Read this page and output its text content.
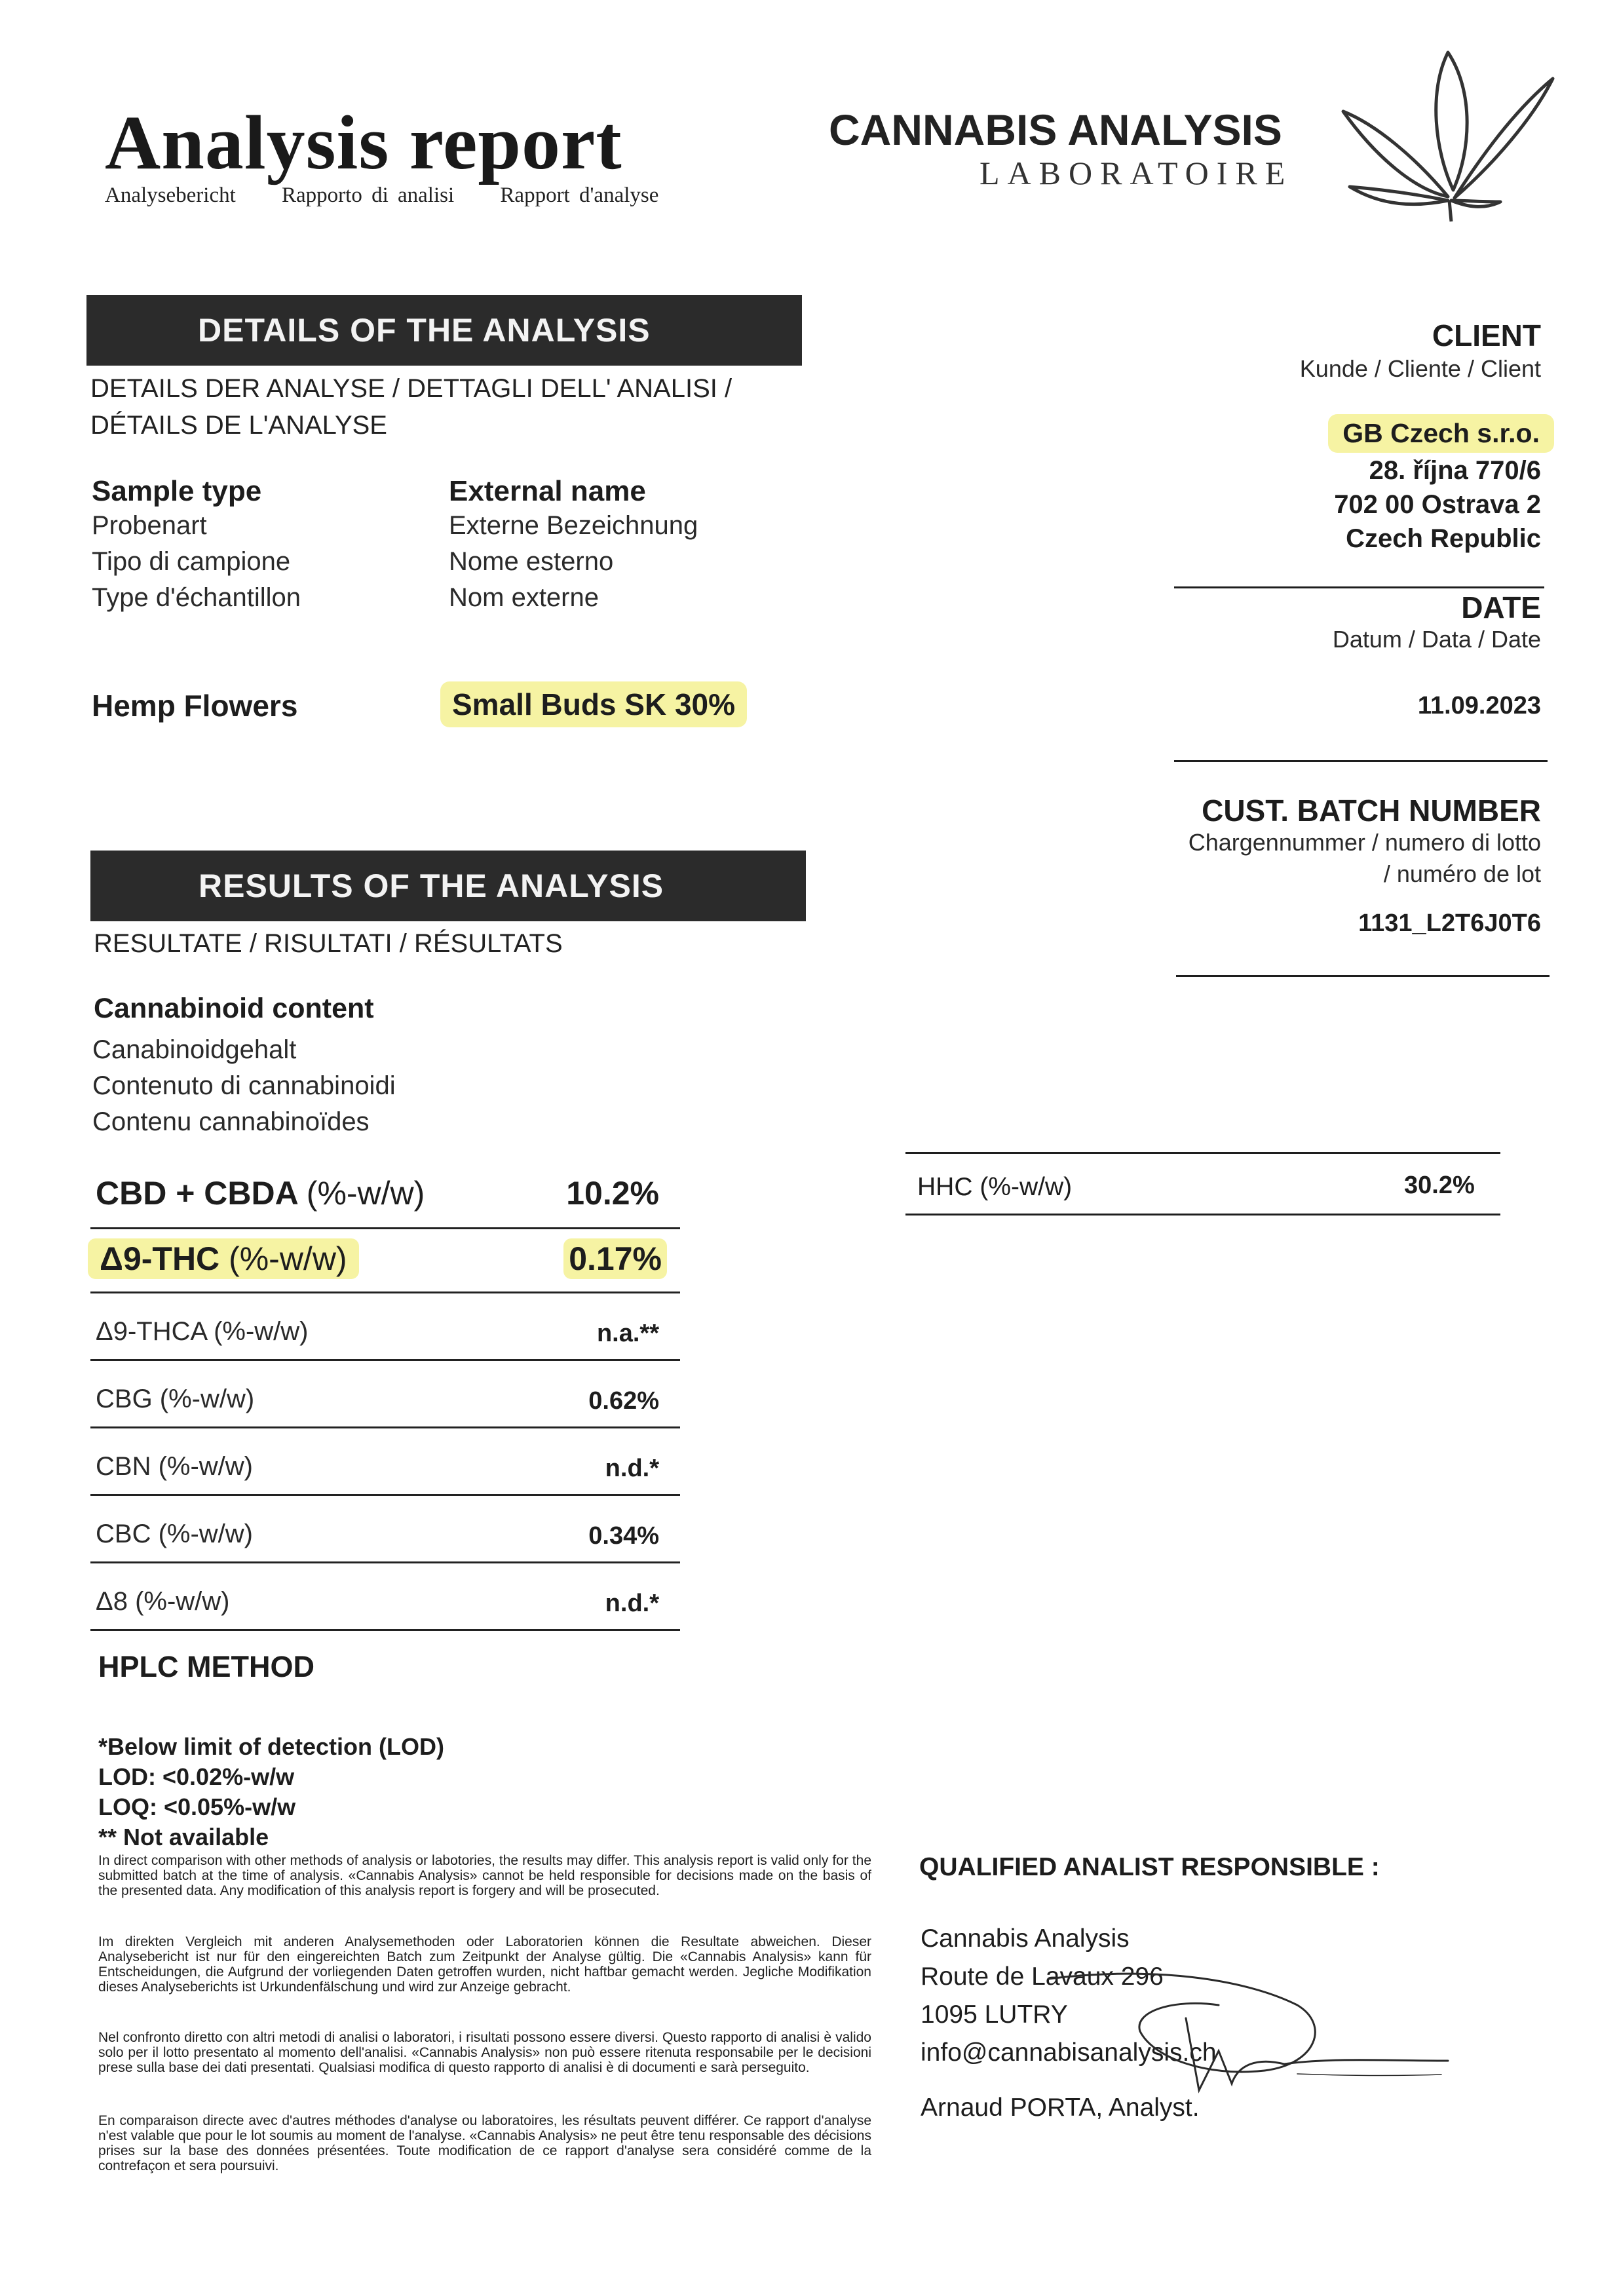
Analysis report
Analysebericht Rapporto di analisi Rapport d'analyse
CANNABIS ANALYSIS
LABORATOIRE
DETAILS OF THE ANALYSIS
DETAILS DER ANALYSE / DETTAGLI DELL' ANALISI /
DÉTAILS DE L'ANALYSE
Sample type
Probenart
Tipo di campione
Type d'échantillon
External name
Externe Bezeichnung
Nome esterno
Nom externe
Hemp Flowers	Small Buds SK 30%
CLIENT
Kunde / Cliente / Client
GB Czech s.r.o.
28. října 770/6
702 00 Ostrava 2
Czech Republic
DATE
Datum / Data / Date
11.09.2023
CUST. BATCH NUMBER
Chargennummer / numero di lotto
/ numéro de lot
1131_L2T6J0T6
RESULTS OF THE ANALYSIS
RESULTATE / RISULTATI / RÉSULTATS
Cannabinoid content
Canabinoidgehalt
Contenuto di cannabinoidi
Contenu cannabinoïdes
CBD + CBDA (%-w/w)	10.2%
Δ9-THC (%-w/w)	0.17%
Δ9-THCA (%-w/w)	n.a.**
CBG (%-w/w)	0.62%
CBN (%-w/w)	n.d.*
CBC (%-w/w)	0.34%
Δ8 (%-w/w)	n.d.*
HHC (%-w/w)	30.2%
HPLC METHOD
*Below limit of detection (LOD)
LOD: <0.02%-w/w
LOQ: <0.05%-w/w
** Not available
In direct comparison with other methods of analysis or labotories, the results may differ. This analysis report is valid only for the submitted batch at the time of analysis. «Cannabis Analysis» cannot be held responsible for decisions made on the basis of the presented data. Any modification of this analysis report is forgery and will be prosecuted.
Im direkten Vergleich mit anderen Analysemethoden oder Laboratorien können die Resultate abweichen. Dieser Analysebericht ist nur für den eingereichten Batch zum Zeitpunkt der Analyse gültig. Die «Cannabis Analysis» kann für Entscheidungen, die Aufgrund der vorliegenden Daten getroffen wurden, nicht haftbar gemacht werden. Jegliche Modifikation dieses Analyseberichts ist Urkundenfälschung und wird zur Anzeige gebracht.
Nel confronto diretto con altri metodi di analisi o laboratori, i risultati possono essere diversi. Questo rapporto di analisi è valido solo per il lotto presentato al momento dell'analisi. «Cannabis Analysis» non può essere ritenuta responsabile per le decisioni prese sulla base dei dati presentati. Qualsiasi modifica di questo rapporto di analisi è di documenti e sarà perseguito.
En comparaison directe avec d'autres méthodes d'analyse ou laboratoires, les résultats peuvent différer. Ce rapport d'analyse n'est valable que pour le lot soumis au moment de l'analyse. «Cannabis Analysis» ne peut être tenu responsable des décisions prises sur la base des données présentées. Toute modification de ce rapport d'analyse sera considéré comme de la contrefaçon et sera poursuivi.
QUALIFIED ANALIST RESPONSIBLE :
Cannabis Analysis
Route de Lavaux 296
1095 LUTRY
info@cannabisanalysis.ch
Arnaud PORTA, Analyst.
